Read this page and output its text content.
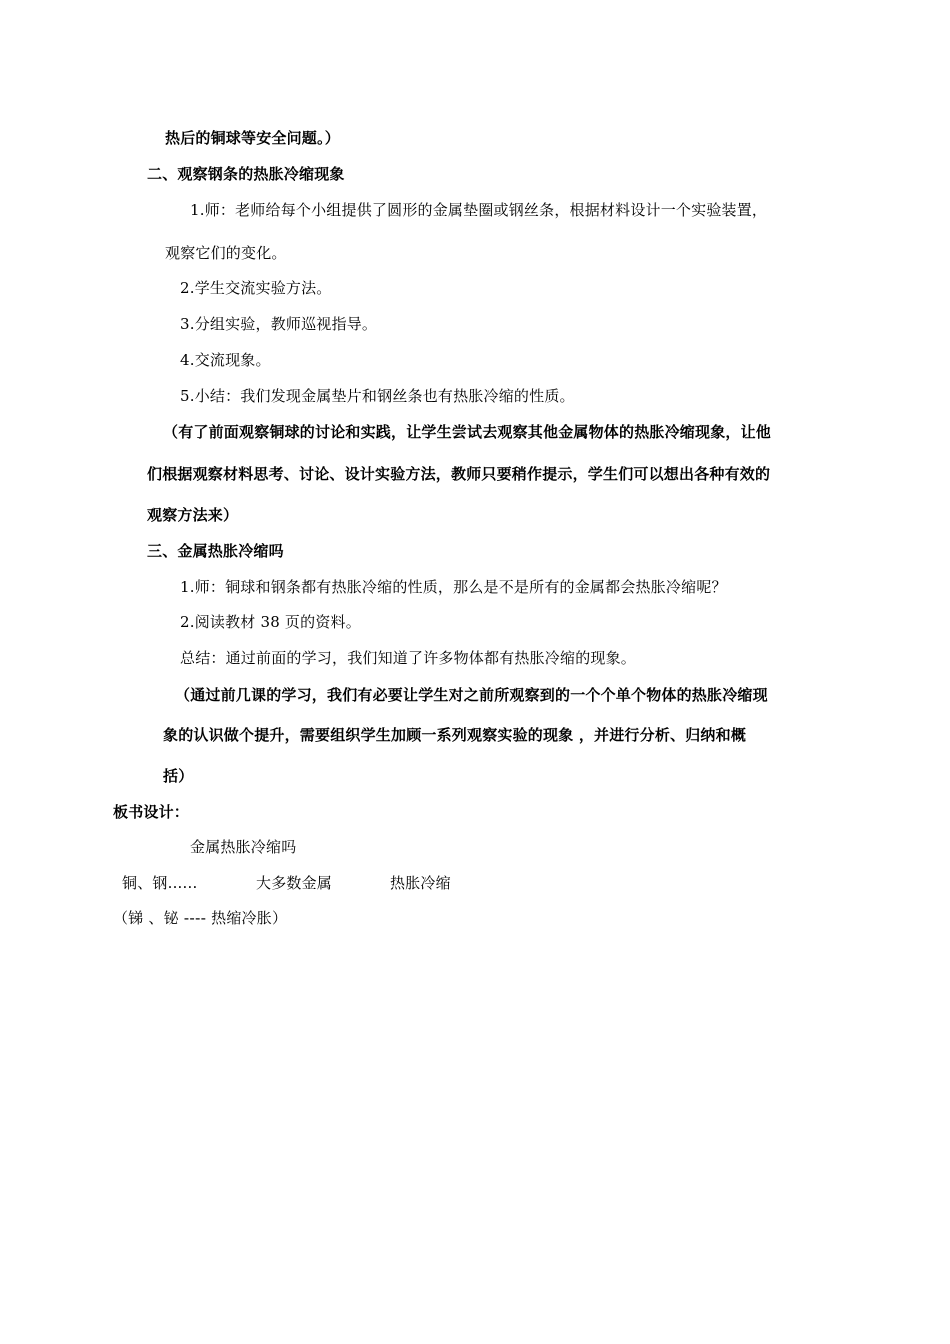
热后的铜球等安全问题。）
二、观察钢条的热胀冷缩现象
1.师：老师给每个小组提供了圆形的金属垫圈或钢丝条，根据材料设计一个实验装置，
观察它们的变化。
2.学生交流实验方法。
3.分组实验，教师巡视指导。
4.交流现象。
5.小结：我们发现金属垫片和钢丝条也有热胀冷缩的性质。
（有了前面观察铜球的讨论和实践，让学生尝试去观察其他金属物体的热胀冷缩现象，让他
们根据观察材料思考、讨论、设计实验方法，教师只要稍作提示，学生们可以想出各种有效的
观察方法来）
三、金属热胀冷缩吗
1.师：铜球和钢条都有热胀冷缩的性质，那么是不是所有的金属都会热胀冷缩呢？
2.阅读教材 38 页的资料。
总结：通过前面的学习，我们知道了许多物体都有热胀冷缩的现象。
（通过前几课的学习，我们有必要让学生对之前所观察到的一个个单个物体的热胀冷缩现
象的认识做个提升，需要组织学生加顾一系列观察实验的现象 ，并进行分析、归纳和概
括）
板书设计：
金属热胀冷缩吗
铜、钢......	大多数金属	热胀冷缩
（锑 、铋 ---- 热缩冷胀）
